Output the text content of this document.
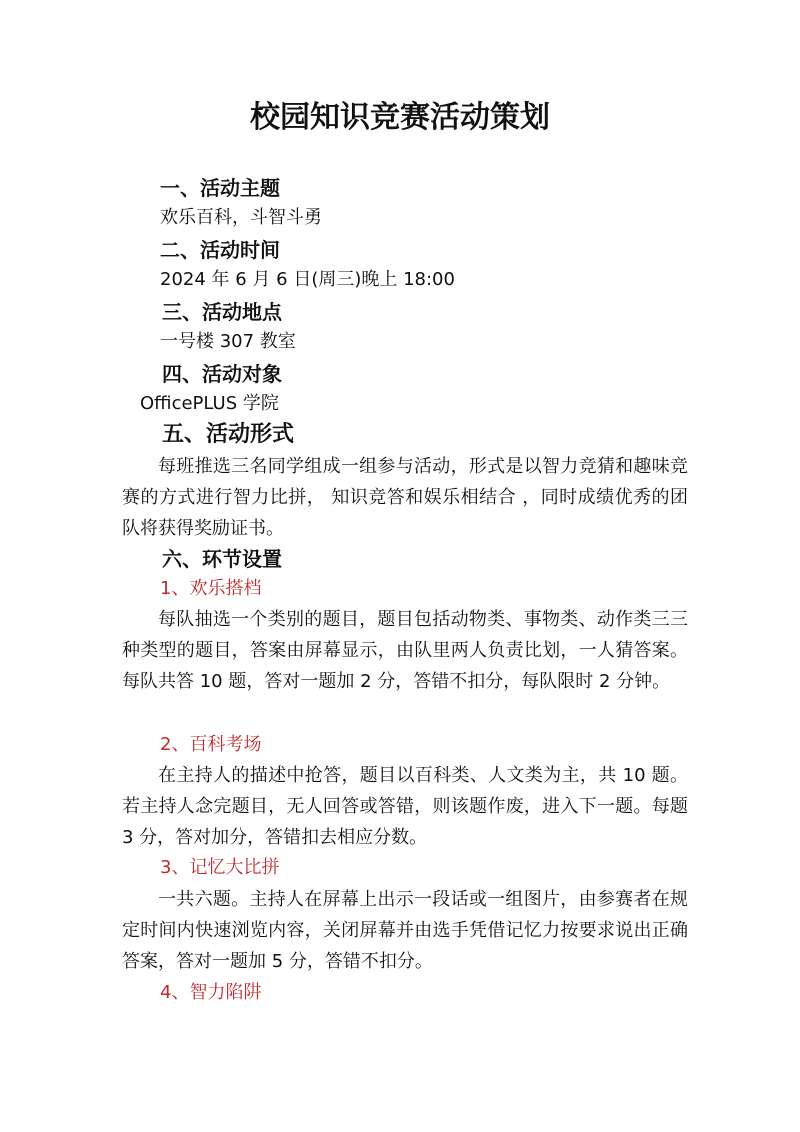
校园知识竞赛活动策划
一、活动主题

欢乐百科，斗智斗勇

二、活动时间

2024 年 6 月 6 日(周三)晚上 18:00

三、活动地点

一号楼 307 教室

四、活动对象

OfficePLUS 学院

五、活动形式

每班推选三名同学组成一组参与活动，形式是以智力竞猜和趣味竞赛的方式进行智力比拼， 知识竞答和娱乐相结合 ，同时成绩优秀的团队将获得奖励证书。

六、环节设置

1、欢乐搭档

每队抽选一个类别的题目，题目包括动物类、事物类、动作类三三种类型的题目，答案由屏幕显示，由队里两人负责比划，一人猜答案。每队共答 10 题，答对一题加 2 分，答错不扣分，每队限时 2 分钟。

2、百科考场

在主持人的描述中抢答，题目以百科类、人文类为主，共 10 题。若主持人念完题目，无人回答或答错，则该题作废，进入下一题。每题 3 分，答对加分，答错扣去相应分数。

3、记忆大比拼

一共六题。主持人在屏幕上出示一段话或一组图片，由参赛者在规定时间内快速浏览内容，关闭屏幕并由选手凭借记忆力按要求说出正确答案，答对一题加 5 分，答错不扣分。

4、智力陷阱
